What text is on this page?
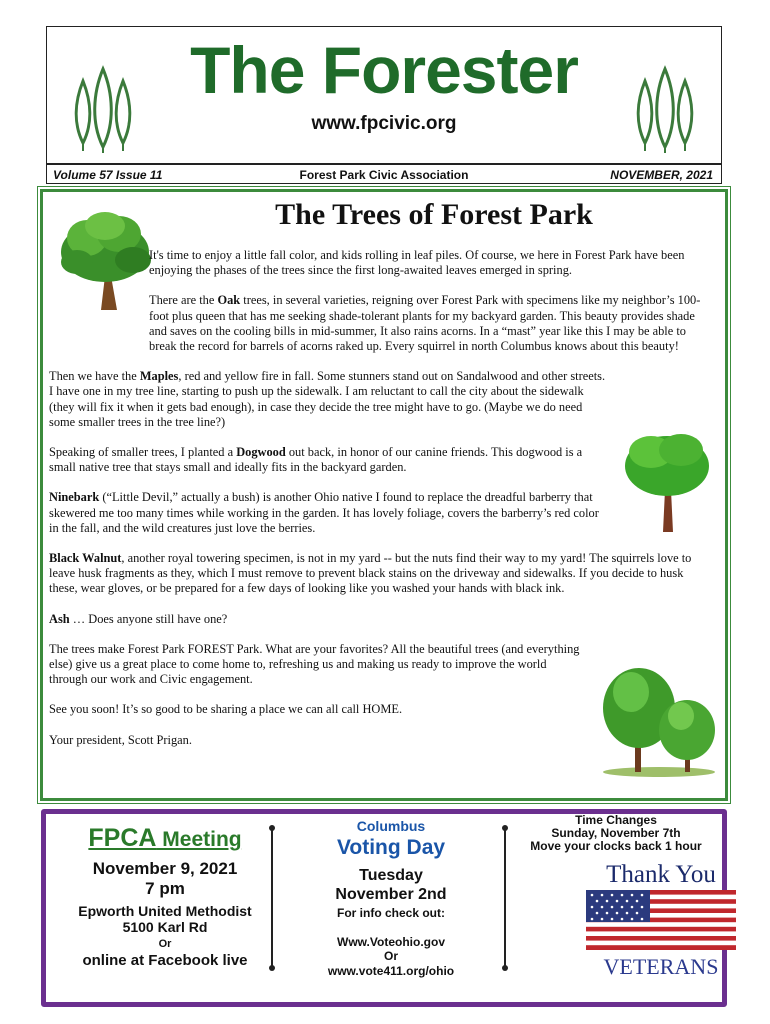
The Forester
www.fpcivic.org
Forest Park Civic Association
Volume 57 Issue 11	NOVEMBER, 2021
The Trees of Forest Park

It's time to enjoy a little fall color, and kids rolling in leaf piles. Of course, we here in Forest Park have been enjoying the phases of the trees since the first long-awaited leaves emerged in spring.

There are the Oak trees, in several varieties, reigning over Forest Park with specimens like my neighbor’s 100-foot plus queen that has me seeking shade-tolerant plants for my backyard garden. This beauty provides shade and saves on the cooling bills in mid-summer, It also rains acorns. In a “mast” year like this I may be able to break the record for barrels of acorns raked up. Every squirrel in north Columbus knows about this beauty!

Then we have the Maples, red and yellow fire in fall. Some stunners stand out on Sandalwood and other streets. I have one in my tree line, starting to push up the sidewalk. I am reluctant to call the city about the sidewalk (they will fix it when it gets bad enough), in case they decide the tree might have to go. (Maybe we do need some smaller trees in the tree line?)

Speaking of smaller trees, I planted a Dogwood out back, in honor of our canine friends. This dogwood is a small native tree that stays small and ideally fits in the backyard garden.

Ninebark (“Little Devil,” actually a bush) is another Ohio native I found to replace the dreadful barberry that skewered me too many times while working in the garden. It has lovely foliage, covers the barberry’s red color in the fall, and the wild creatures just love the berries.

Black Walnut, another royal towering specimen, is not in my yard -- but the nuts find their way to my yard! The squirrels love to leave husk fragments as they, which I must remove to prevent black stains on the driveway and sidewalks. If you decide to husk these, wear gloves, or be prepared for a few days of looking like you washed your hands with black ink.

Ash … Does anyone still have one?

The trees make Forest Park FOREST Park. What are your favorites? All the beautiful trees (and everything else) give us a great place to come home to, refreshing us and making us ready to improve the world through our work and Civic engagement.

See you soon! It’s so good to be sharing a place we can all call HOME.

Your president, Scott Prigan.

FPCA Meeting
November 9, 2021
7 pm
Epworth United Methodist
5100 Karl Rd
Or
online at Facebook live
Columbus
Voting Day
Tuesday
November 2nd
For info check out:
Www.Voteohio.gov
Or
www.vote411.org/ohio
Time Changes
Sunday, November 7th
Move your clocks back 1 hour
Thank You
VETERANS
